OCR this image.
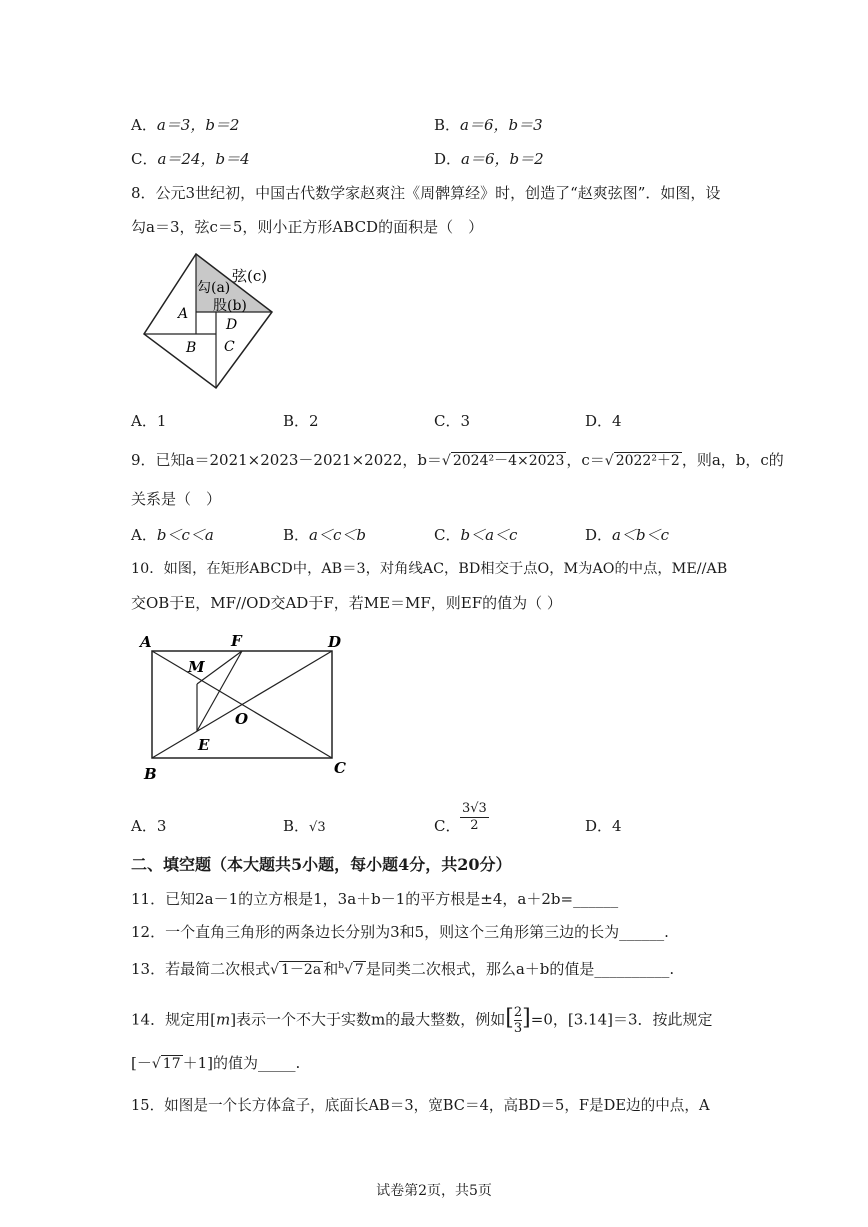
A．a＝3，b＝2	B．a＝6，b＝3
C．a＝24，b＝4	D．a＝6，b＝2
8．公元3世纪初，中国古代数学家赵爽注《周髀算经》时，创造了“赵爽弦图”．如图，设
勾a＝3，弦c＝5，则小正方形ABCD的面积是（　）
弦(c)
勾(a)
股(b)
A
D
B C
A．1	B．2	C．3	D．4
9．已知a＝2021×2023－2021×2022，b＝√ 2024²－4×2023 ，c＝√ 2022²＋2 ，则a，b，c的
关系是（　）
A．b＜c＜a	B．a＜c＜b	C．b＜a＜c	D．a＜b＜c
10．如图，在矩形ABCD中，AB＝3，对角线AC，BD相交于点O，M为AO的中点，ME//AB
交OB于E，MF//OD交AD于F，若ME＝MF，则EF的值为（ ）
A	F	D
M
O
E
B	C
A．3	B．√3	C．
3√3
2	D．4
二、填空题（本大题共5小题，每小题4分，共20分）
11．已知2a－1的立方根是1，3a＋b－1的平方根是±4，a＋2b=______
12．一个直角三角形的两条边长分别为3和5，则这个三角形第三边的长为______.
13．若最简二次根式√ 1－2a 和$^b$√ 7 是同类二次根式，那么a＋b的值是__________.
14．规定用[m]表示一个不大于实数m的最大整数，例如[ $\frac{2}{3} ]=0$，[3.14]＝3．按此规定
[－√ 17 ＋1]的值为_____.
15．如图是一个长方体盒子，底面长AB＝3，宽BC＝4，高BD＝5，F是DE边的中点，A
试卷第2页，共5页
